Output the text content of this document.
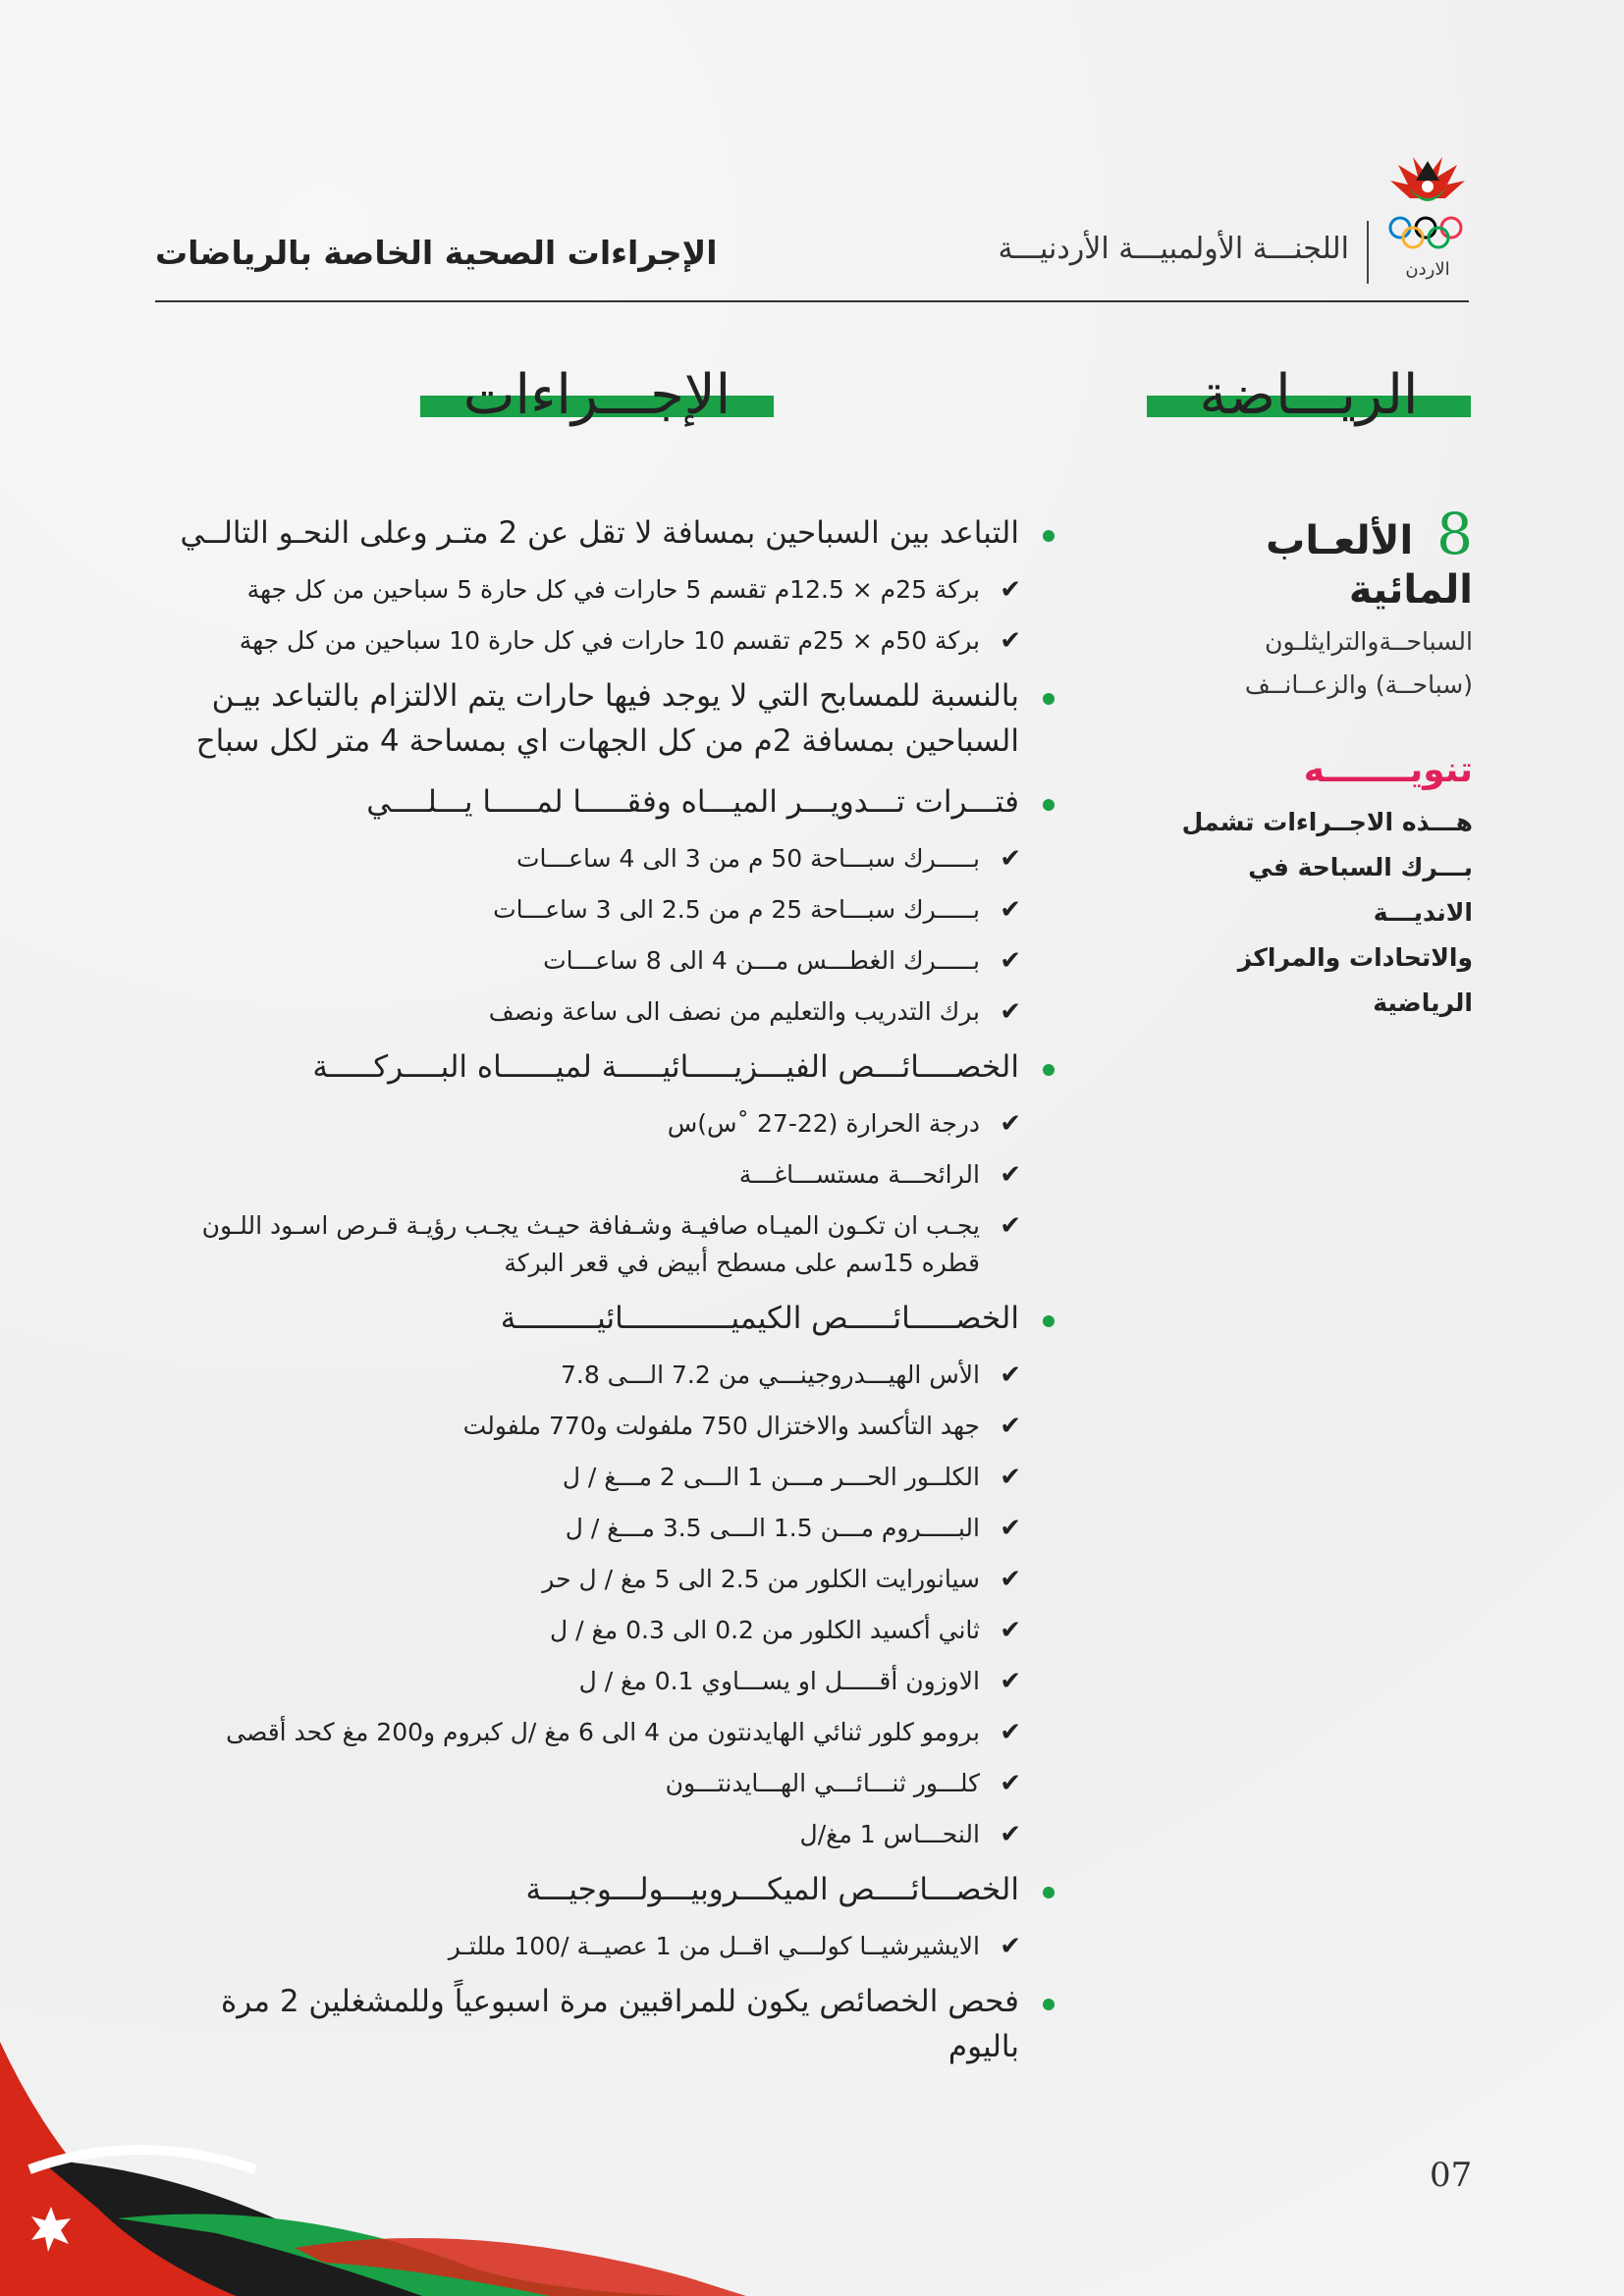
الاردن
اللجنـــة الأولمبيـــة الأردنيـــة
الإجراءات الصحية الخاصة بالرياضات
الريـــاضة
الإجـــراءات
8 الألعـاب المائية
السباحــةوالترايثلـون
(سباحــة) والزعــانــف
تنويـــــــه
هـــذه الاجــراءات تشمل
بـــرك السباحة في الانديـــة
والاتحادات والمراكز الرياضية
التباعد بين السباحين بمسافة لا تقل عن 2 متـر وعلى النحـو التالــي
✔
بركة 25م × 12.5م تقسم 5 حارات في كل حارة 5 سباحين من كل جهة
✔
بركة 50م × 25م تقسم 10 حارات في كل حارة 10 سباحين من كل جهة
بالنسبة للمسابح التي لا يوجد فيها حارات يتم الالتزام بالتباعد بيـن السباحين بمسافة 2م من كل الجهات اي بمساحة 4 متر لكل سباح
فتـــرات تـــدويـــر الميـــاه وفقـــــا لمـــــا يـــلــــي
✔
بـــــرك سبـــاحة 50 م من 3 الى 4 ساعـــات
✔
بـــــرك سبـــاحة 25 م من 2.5 الى 3 ساعـــات
✔
بـــــرك الغطـــس مـــن 4 الى 8 ساعـــات
✔
برك التدريب والتعليم من نصف الى ساعة ونصف
الخصــــائـــص الفيـــزيـــــائيـــــة لميــــــاه البــــركـــــة
✔
درجة الحرارة (22-27 ˚س)س
✔
الرائحـــة مستســـاغـــة
✔
يجـب ان تكـون الميـاه صافيـة وشـفافة حيـث يجـب رؤيـة قـرص اسـود اللـون قطره 15سم على مسطح أبيض في قعر البركة
الخصـــــائـــــص الكيميــــــــــــائيـــــــــة
✔
الأس الهيـــدروجينـــي من 7.2 الـــى 7.8
✔
جهد التأكسد والاختزال 750 ملفولت و770 ملفولت
✔
الكلــور الحـــر مـــن 1 الـــى 2 مـــغ / ل
✔
البـــــروم مـــن 1.5 الـــى 3.5 مـــغ / ل
✔
سيانورايت الكلور من 2.5 الى 5 مغ / ل حر
✔
ثاني أكسيد الكلور من 0.2 الى 0.3 مغ / ل
✔
الاوزون أقـــــل او يســـاوي 0.1 مغ / ل
✔
برومو كلور ثنائي الهايدنتون من 4 الى 6 مغ /ل كبروم و200 مغ كحد أقصى
✔
كلـــور ثنـــائـــي الهـــايدنتـــون
✔
النحـــاس 1 مغ/ل
الخصـــائــــص الميكـــروبيـــولـــوجيـــة
✔
الايشيرشيــا كولـــي اقــل من 1 عصيــة /100 مللتـر
فحص الخصائص يكون للمراقبين مرة اسبوعياً وللمشغلين 2 مرة باليوم
07
